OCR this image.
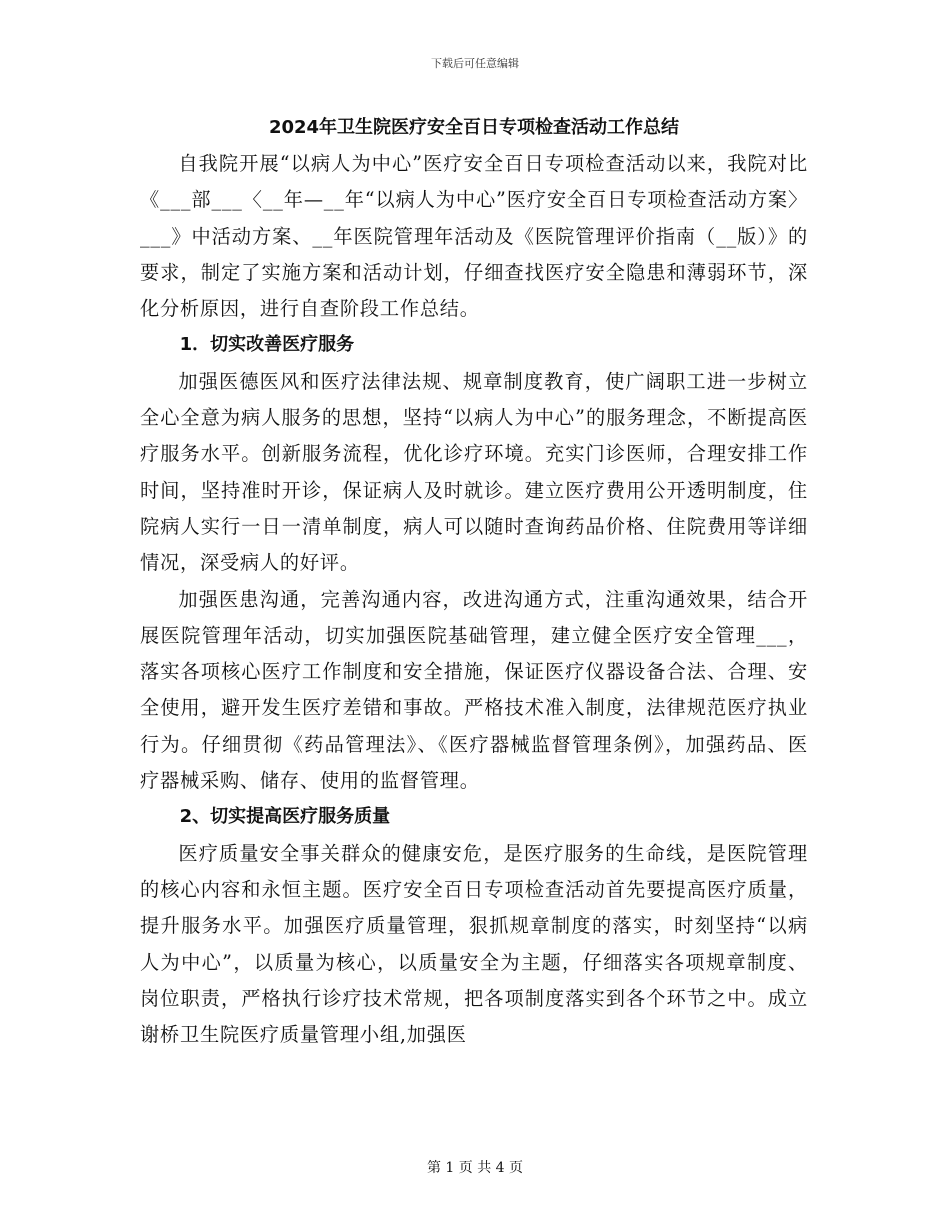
下载后可任意编辑
2024年卫生院医疗安全百日专项检查活动工作总结

自我院开展“以病人为中心”医疗安全百日专项检查活动以来，我院对比《___部___〈__年—__年“以病人为中心”医疗安全百日专项检查活动方案〉___》中活动方案、__年医院管理年活动及《医院管理评价指南（__版）》的要求，制定了实施方案和活动计划，仔细查找医疗安全隐患和薄弱环节，深化分析原因，进行自查阶段工作总结。

1．切实改善医疗服务

加强医德医风和医疗法律法规、规章制度教育，使广阔职工进一步树立全心全意为病人服务的思想，坚持“以病人为中心”的服务理念，不断提高医疗服务水平。创新服务流程，优化诊疗环境。充实门诊医师，合理安排工作时间，坚持准时开诊，保证病人及时就诊。建立医疗费用公开透明制度，住院病人实行一日一清单制度，病人可以随时查询药品价格、住院费用等详细情况，深受病人的好评。

加强医患沟通，完善沟通内容，改进沟通方式，注重沟通效果，结合开展医院管理年活动，切实加强医院基础管理，建立健全医疗安全管理___，落实各项核心医疗工作制度和安全措施，保证医疗仪器设备合法、合理、安全使用，避开发生医疗差错和事故。严格技术准入制度，法律规范医疗执业行为。仔细贯彻《药品管理法》、《医疗器械监督管理条例》，加强药品、医疗器械采购、储存、使用的监督管理。

2、切实提高医疗服务质量

医疗质量安全事关群众的健康安危，是医疗服务的生命线，是医院管理的核心内容和永恒主题。医疗安全百日专项检查活动首先要提高医疗质量，提升服务水平。加强医疗质量管理，狠抓规章制度的落实，时刻坚持“以病人为中心”，以质量为核心，以质量安全为主题，仔细落实各项规章制度、岗位职责，严格执行诊疗技术常规，把各项制度落实到各个环节之中。成立谢桥卫生院医疗质量管理小组,加强医

第 1 页 共 4 页
